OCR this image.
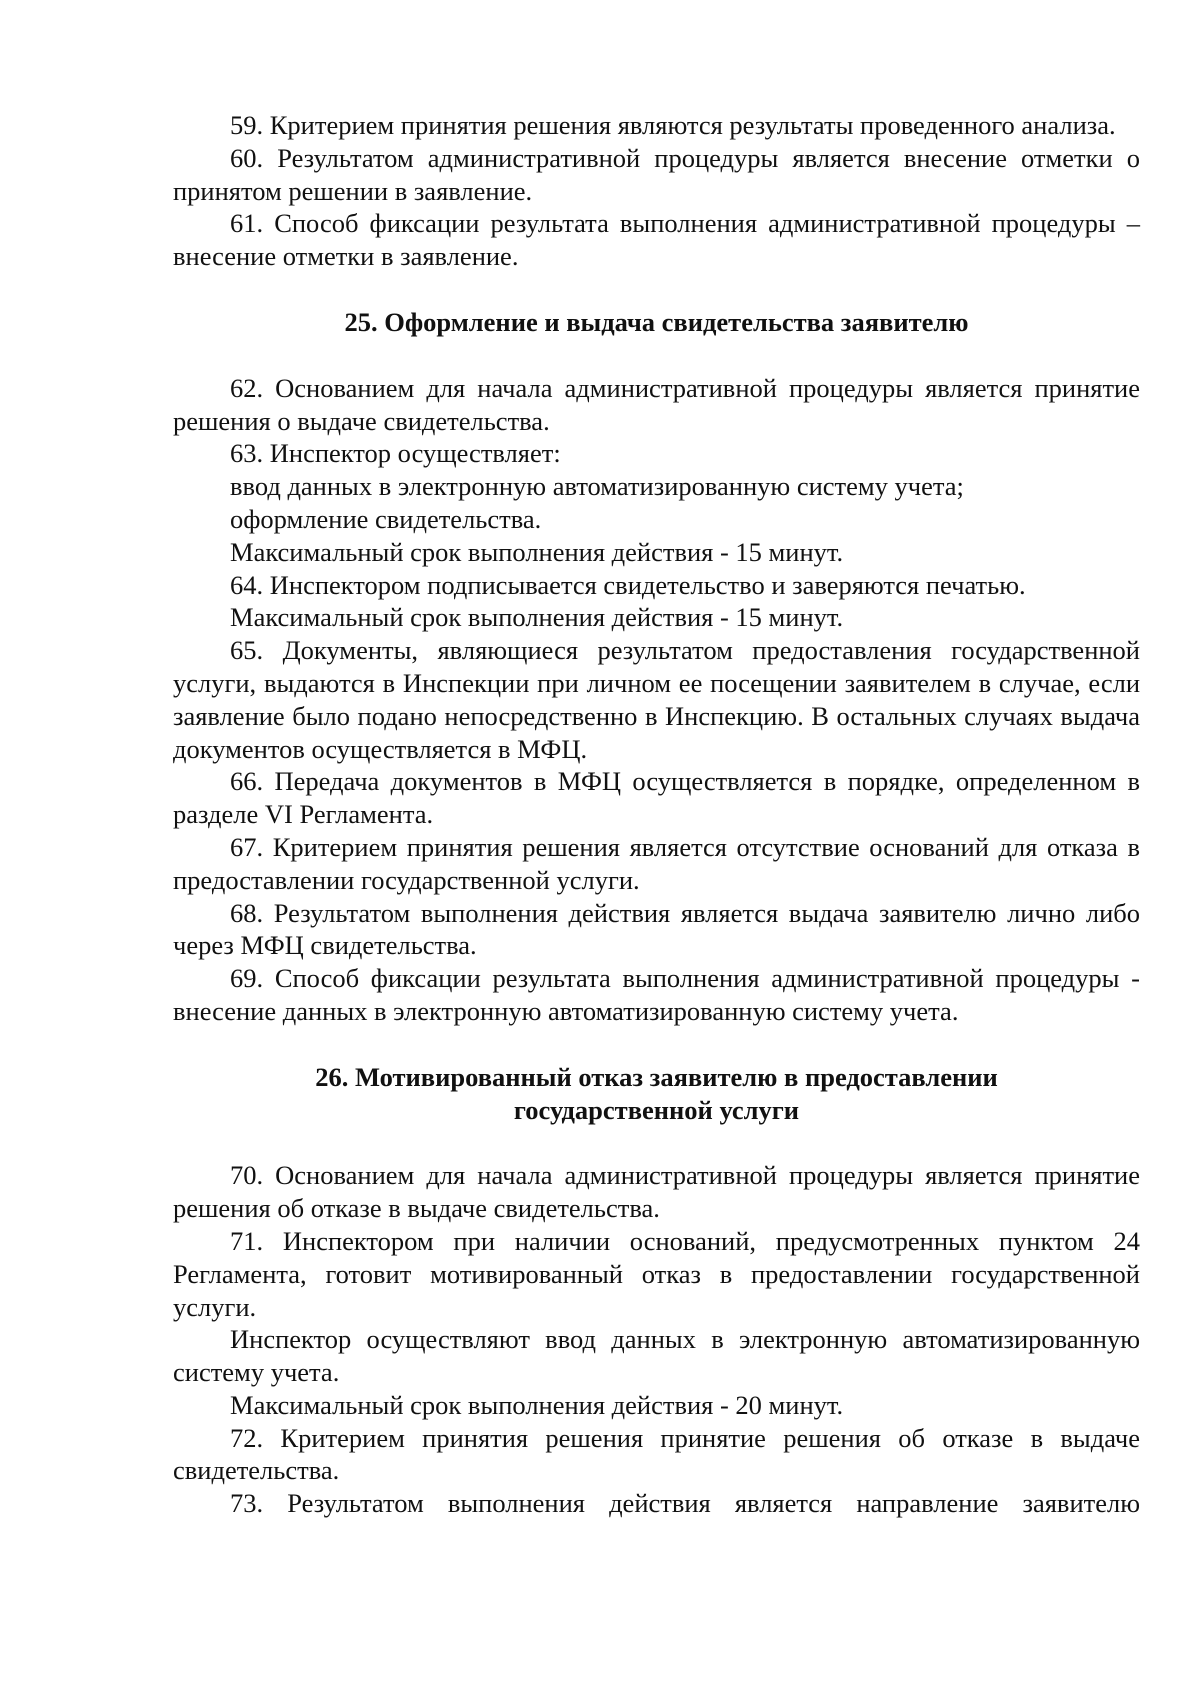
59. Критерием принятия решения являются результаты проведенного анализа.

60. Результатом административной процедуры является внесение отметки о принятом решении в заявление.

61. Способ фиксации результата выполнения административной процедуры – внесение отметки в заявление.

25. Оформление и выдача свидетельства заявителю

62. Основанием для начала административной процедуры является принятие решения о выдаче свидетельства.

63. Инспектор осуществляет:

ввод данных в электронную автоматизированную систему учета;

оформление свидетельства.

Максимальный срок выполнения действия - 15 минут.

64. Инспектором подписывается свидетельство и заверяются печатью.

Максимальный срок выполнения действия - 15 минут.

65. Документы, являющиеся результатом предоставления государственной услуги, выдаются в Инспекции при личном ее посещении заявителем в случае, если заявление было подано непосредственно в Инспекцию. В остальных случаях выдача документов осуществляется в МФЦ.

66. Передача документов в МФЦ осуществляется в порядке, определенном в разделе VI Регламента.

67. Критерием принятия решения является отсутствие оснований для отказа в предоставлении государственной услуги.

68. Результатом выполнения действия является выдача заявителю лично либо через МФЦ свидетельства.

69. Способ фиксации результата выполнения административной процедуры - внесение данных в электронную автоматизированную систему учета.

26. Мотивированный отказ заявителю в предоставлении
государственной услуги

70. Основанием для начала административной процедуры является принятие решения об отказе в выдаче свидетельства.

71. Инспектором при наличии оснований, предусмотренных пунктом 24 Регламента, готовит мотивированный отказ в предоставлении государственной услуги.

Инспектор осуществляют ввод данных в электронную автоматизированную систему учета.

Максимальный срок выполнения действия - 20 минут.

72. Критерием принятия решения принятие решения об отказе в выдаче свидетельства.

73. Результатом выполнения действия является направление заявителю
